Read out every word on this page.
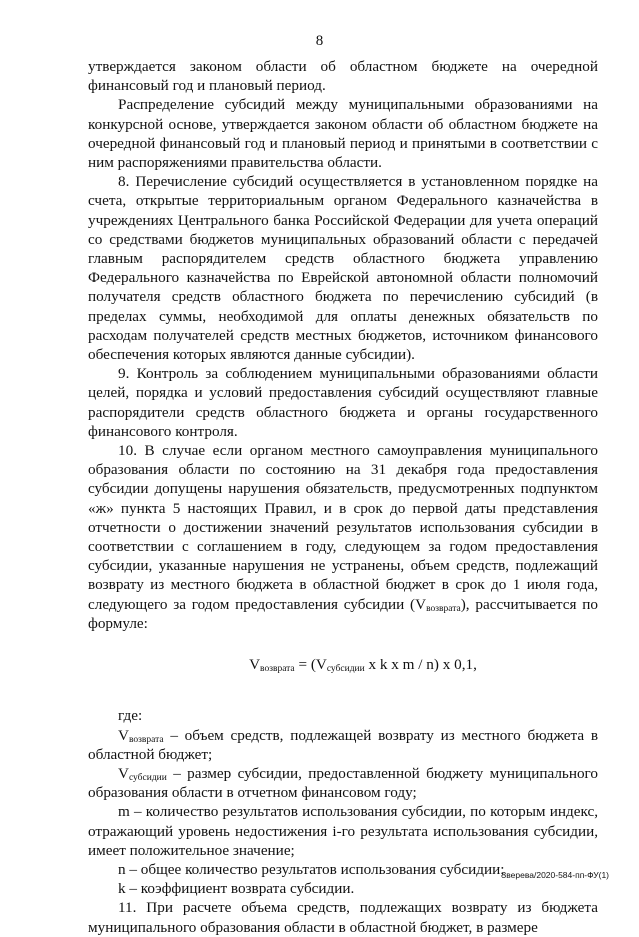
8

утверждается законом области об областном бюджете на очередной финансовый год и плановый период.

Распределение субсидий между муниципальными образованиями на конкурсной основе, утверждается законом области об областном бюджете на очередной финансовый год и плановый период и принятыми в соответствии с ним распоряжениями правительства области.

8. Перечисление субсидий осуществляется в установленном порядке на счета, открытые территориальным органом Федерального казначейства в учреждениях Центрального банка Российской Федерации для учета операций со средствами бюджетов муниципальных образований области с передачей главным распорядителем средств областного бюджета управлению Федерального казначейства по Еврейской автономной области полномочий получателя средств областного бюджета по перечислению субсидий (в пределах суммы, необходимой для оплаты денежных обязательств по расходам получателей средств местных бюджетов, источником финансового обеспечения которых являются данные субсидии).

9. Контроль за соблюдением муниципальными образованиями области целей, порядка и условий предоставления субсидий осуществляют главные распорядители средств областного бюджета и органы государственного финансового контроля.

10. В случае если органом местного самоуправления муниципального образования области по состоянию на 31 декабря года предоставления субсидии допущены нарушения обязательств, предусмотренных подпунктом «ж» пункта 5 настоящих Правил, и в срок до первой даты представления отчетности о достижении значений результатов использования субсидии в соответствии с соглашением в году, следующем за годом предоставления субсидии, указанные нарушения не устранены, объем средств, подлежащий возврату из местного бюджета в областной бюджет в срок до 1 июля года, следующего за годом предоставления субсидии $(V_{возврата})$, рассчитывается по формуле:

$V_{возврата} = (V_{субсидии}$ x k x m / n) x 0,1,

где:

$V_{возврата}$ – объем средств, подлежащей возврату из местного бюджета в областной бюджет;

$V_{субсидии}$ – размер субсидии, предоставленной бюджету муниципального образования области в отчетном финансовом году;

m – количество результатов использования субсидии, по которым индекс, отражающий уровень недостижения i-го результата использования субсидии, имеет положительное значение;

n – общее количество результатов использования субсидии;

k – коэффициент возврата субсидии.

11. При расчете объема средств, подлежащих возврату из бюджета муниципального образования области в областной бюджет, в размере

Зверева/2020-584-пп-ФУ(1)
